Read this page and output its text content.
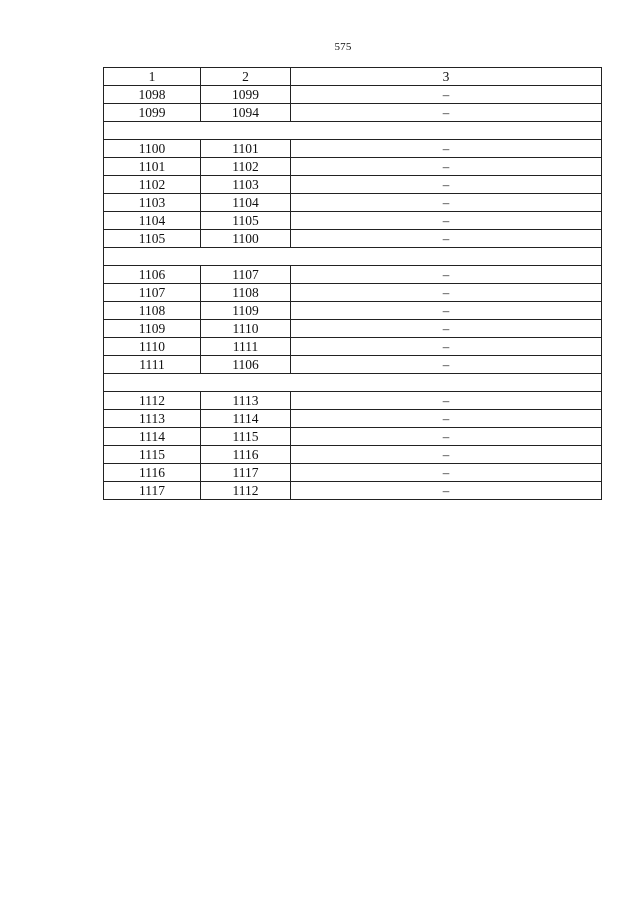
575
1	2	3
1098	1099	–
1099	1094	–
1100	1101	–
1101	1102	–
1102	1103	–
1103	1104	–
1104	1105	–
1105	1100	–
1106	1107	–
1107	1108	–
1108	1109	–
1109	1110	–
1110	1111	–
1111	1106	–
1112	1113	–
1113	1114	–
1114	1115	–
1115	1116	–
1116	1117	–
1117	1112	–
